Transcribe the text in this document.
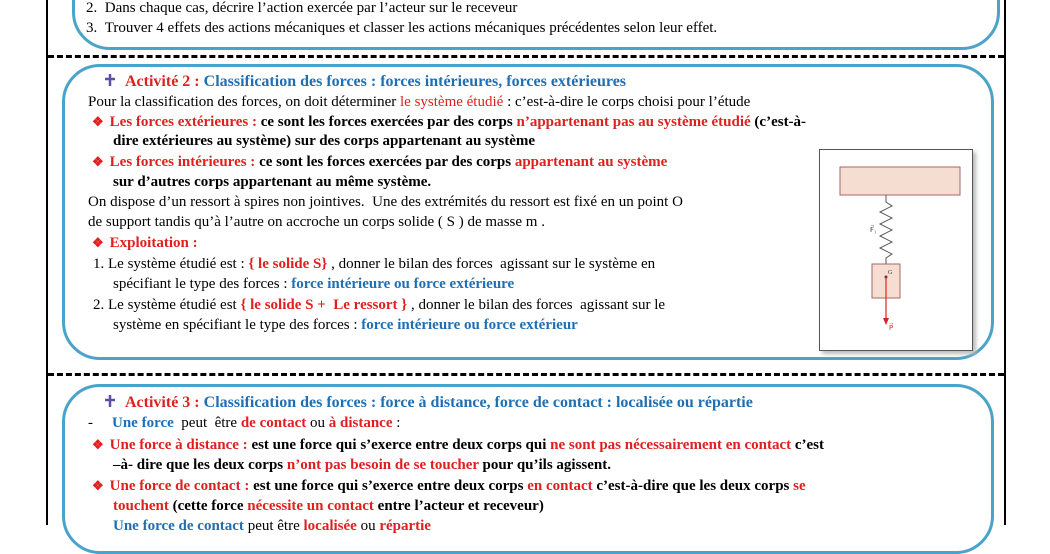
2.  Dans chaque cas, décrire l’action exercée par l’acteur sur le receveur
3.  Trouver 4 effets des actions mécaniques et classer les actions mécaniques précédentes selon leur effet.
Activité 2 : Classification des forces : forces intérieures, forces extérieures
Pour la classification des forces, on doit déterminer le système étudié : c’est-à-dire le corps choisi pour l’étude
❖ Les forces extérieures : ce sont les forces exercées par des corps n’appartenant pas au système étudié (c’est-à-
dire extérieures au système) sur des corps appartenant au système
❖ Les forces intérieures : ce sont les forces exercées par des corps appartenant au système
sur d’autres corps appartenant au même système.
On dispose d’un ressort à spires non jointives.  Une des extrémités du ressort est fixé en un point O
de support tandis qu’à l’autre on accroche un corps solide ( S ) de masse m .
❖ Exploitation :
1. Le système étudié est : { le solide S} , donner le bilan des forces  agissant sur le système en
spécifiant le type des forces : force intérieure ou force extérieure
2. Le système étudié est { le solide S +  Le ressort } , donner le bilan des forces  agissant sur le
système en spécifiant le type des forces : force intérieure ou force extérieur
F⃗₁
G
P⃗
Activité 3 : Classification des forces : force à distance, force de contact : localisée ou répartie
- Une force  peut  être de contact ou à distance :
❖ Une force à distance : est une force qui s’exerce entre deux corps qui ne sont pas nécessairement en contact c’est
–à- dire que les deux corps n’ont pas besoin de se toucher pour qu’ils agissent.
❖ Une force de contact : est une force qui s’exerce entre deux corps en contact c’est-à-dire que les deux corps se
touchent (cette force nécessite un contact entre l’acteur et receveur)
Une force de contact peut être localisée ou répartie
